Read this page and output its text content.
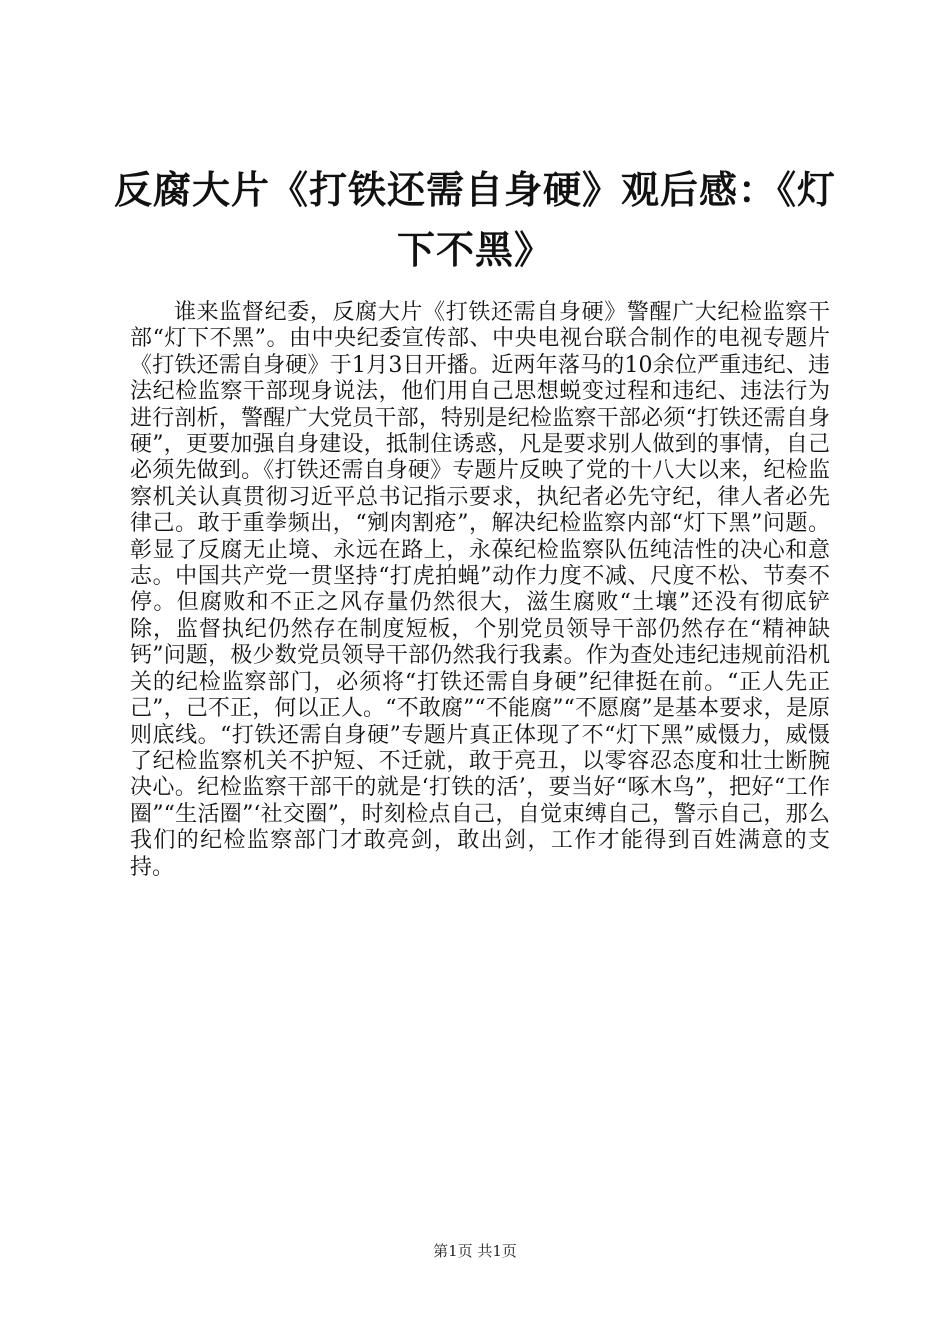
反腐大片《打铁还需自身硬》观后感：《灯下不黑》

谁来监督纪委，反腐大片《打铁还需自身硬》警醒广大纪检监察干部“灯下不黑”。由中央纪委宣传部、中央电视台联合制作的电视专题片《打铁还需自身硬》于1月3日开播。近两年落马的10余位严重违纪、违法纪检监察干部现身说法，他们用自己思想蜕变过程和违纪、违法行为进行剖析，警醒广大党员干部，特别是纪检监察干部必须“打铁还需自身硬”，更要加强自身建设，抵制住诱惑，凡是要求别人做到的事情，自己必须先做到。《打铁还需自身硬》专题片反映了党的十八大以来，纪检监察机关认真贯彻习近平总书记指示要求，执纪者必先守纪，律人者必先律己。敢于重拳频出，“剜肉割疮”，解决纪检监察内部“灯下黑”问题。彰显了反腐无止境、永远在路上，永葆纪检监察队伍纯洁性的决心和意志。中国共产党一贯坚持“打虎拍蝇”动作力度不减、尺度不松、节奏不停。但腐败和不正之风存量仍然很大，滋生腐败“土壤”还没有彻底铲除，监督执纪仍然存在制度短板，个别党员领导干部仍然存在“精神缺钙”问题，极少数党员领导干部仍然我行我素。作为查处违纪违规前沿机关的纪检监察部门，必须将“打铁还需自身硬”纪律挺在前。“正人先正己”，己不正，何以正人。“不敢腐”“不能腐”“不愿腐”是基本要求，是原则底线。“打铁还需自身硬”专题片真正体现了不“灯下黑”威慑力，威慑了纪检监察机关不护短、不迁就，敢于亮丑，以零容忍态度和壮士断腕决心。纪检监察干部干的就是‘打铁的活’，要当好“啄木鸟”，把好“工作圈”“生活圈”‘社交圈”，时刻检点自己，自觉束缚自己，警示自己，那么我们的纪检监察部门才敢亮剑，敢出剑，工作才能得到百姓满意的支持。

第1页 共1页
